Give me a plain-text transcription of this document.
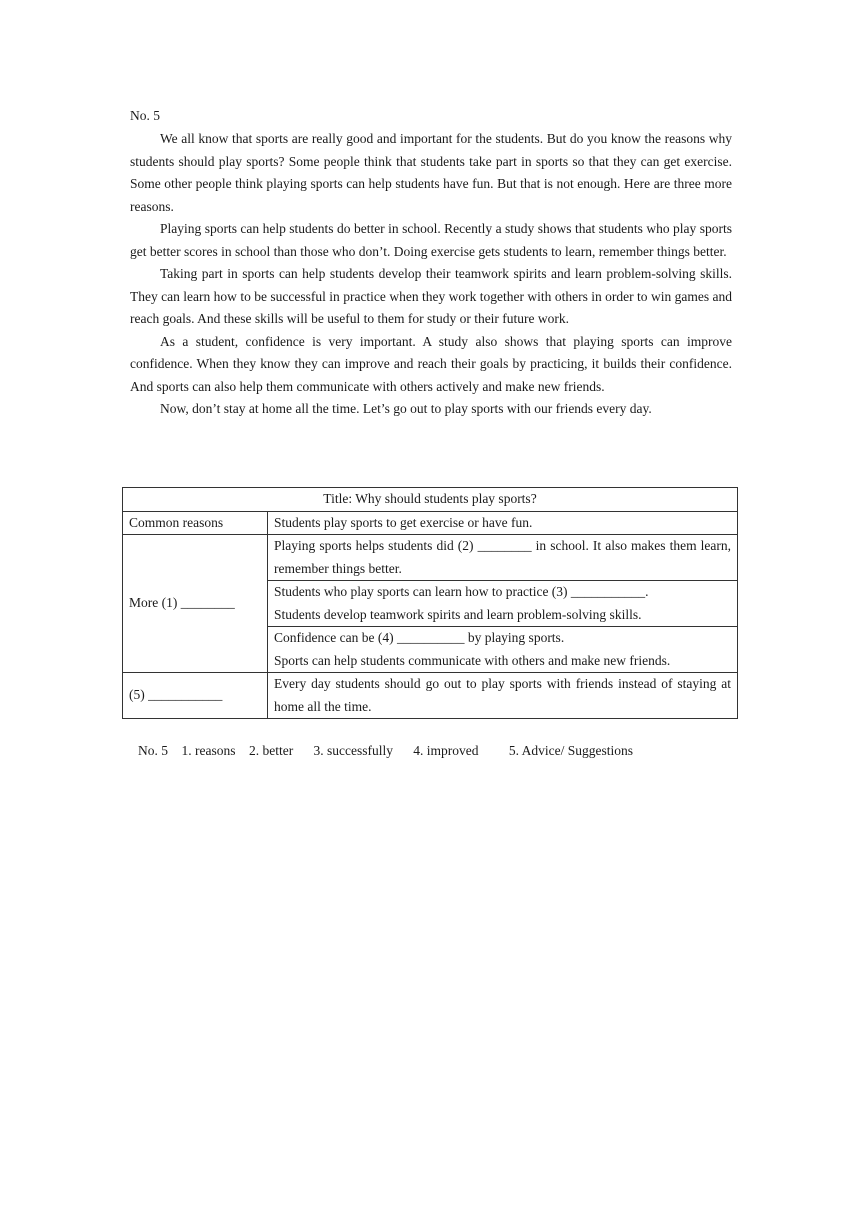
No. 5

We all know that sports are really good and important for the students. But do you know the reasons why students should play sports? Some people think that students take part in sports so that they can get exercise. Some other people think playing sports can help students have fun. But that is not enough. Here are three more reasons.

Playing sports can help students do better in school. Recently a study shows that students who play sports get better scores in school than those who don’t. Doing exercise gets students to learn, remember things better.

Taking part in sports can help students develop their teamwork spirits and learn problem-solving skills. They can learn how to be successful in practice when they work together with others in order to win games and reach goals. And these skills will be useful to them for study or their future work.

As a student, confidence is very important. A study also shows that playing sports can improve confidence. When they know they can improve and reach their goals by practicing, it builds their confidence. And sports can also help them communicate with others actively and make new friends.

Now, don’t stay at home all the time. Let’s go out to play sports with our friends every day.

Title: Why should students play sports?	
Common reasons	Students play sports to get exercise or have fun.
More (1) ________	Playing sports helps students did (2) ________ in school. It also makes them learn, remember things better.

	Students who play sports can learn how to practice (3) ___________.
Students develop teamwork spirits and learn problem-solving skills.

	Confidence can be (4) __________ by playing sports.
Sports can help students communicate with others and make new friends.

(5) ___________	Every day students should go out to play sports with friends instead of staying at home all the time.
No. 5 1. reasons 2. better 3. successfully 4. improved 5. Advice/ Suggestions
